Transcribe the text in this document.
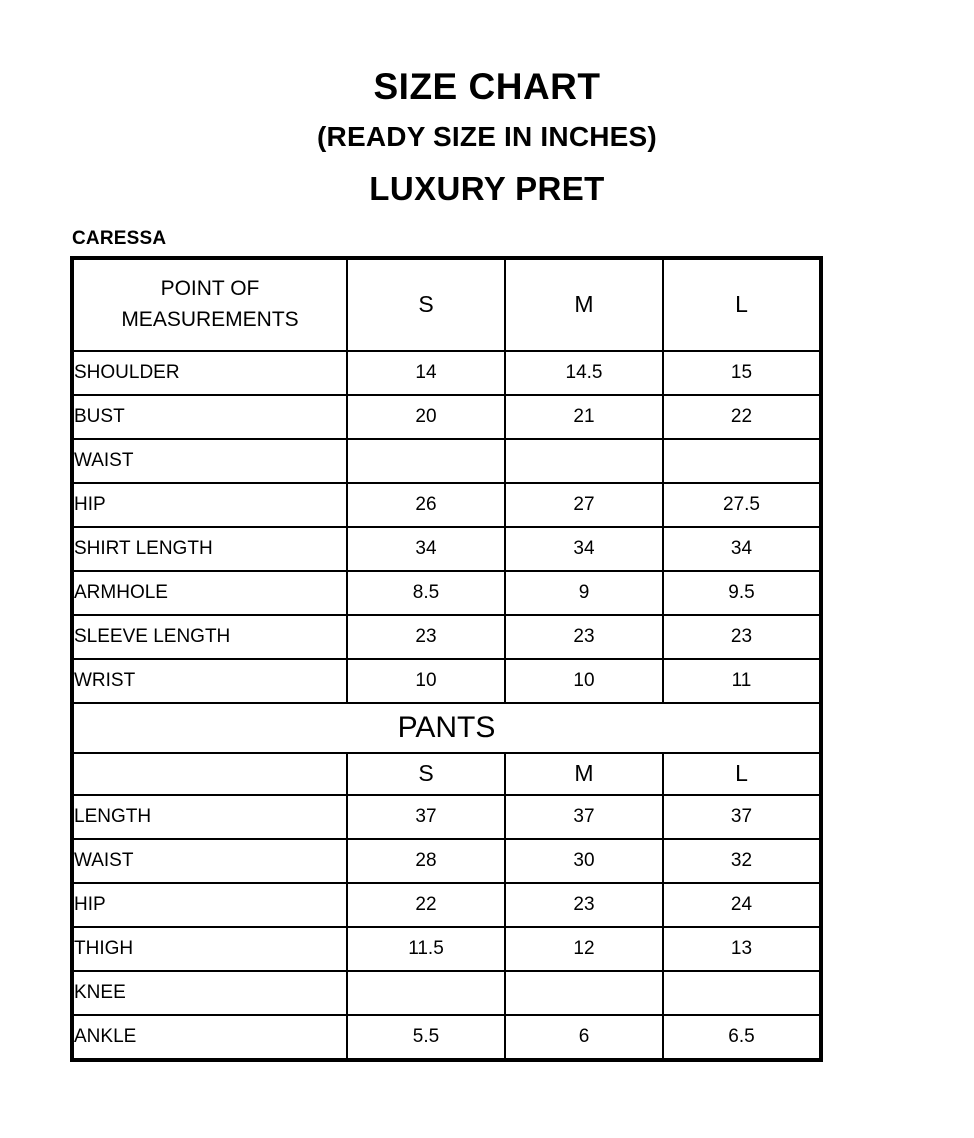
SIZE CHART
(READY SIZE IN INCHES)
LUXURY PRET
CARESSA
POINT OF
MEASUREMENTS	S	M	L
SHOULDER	14	14.5	15
BUST	20	21	22
WAIST			
HIP	26	27	27.5
SHIRT LENGTH	34	34	34
ARMHOLE	8.5	9	9.5
SLEEVE LENGTH	23	23	23
WRIST	10	10	11
PANTS			
	S	M	L
LENGTH	37	37	37
WAIST	28	30	32
HIP	22	23	24
THIGH	11.5	12	13
KNEE			
ANKLE	5.5	6	6.5
